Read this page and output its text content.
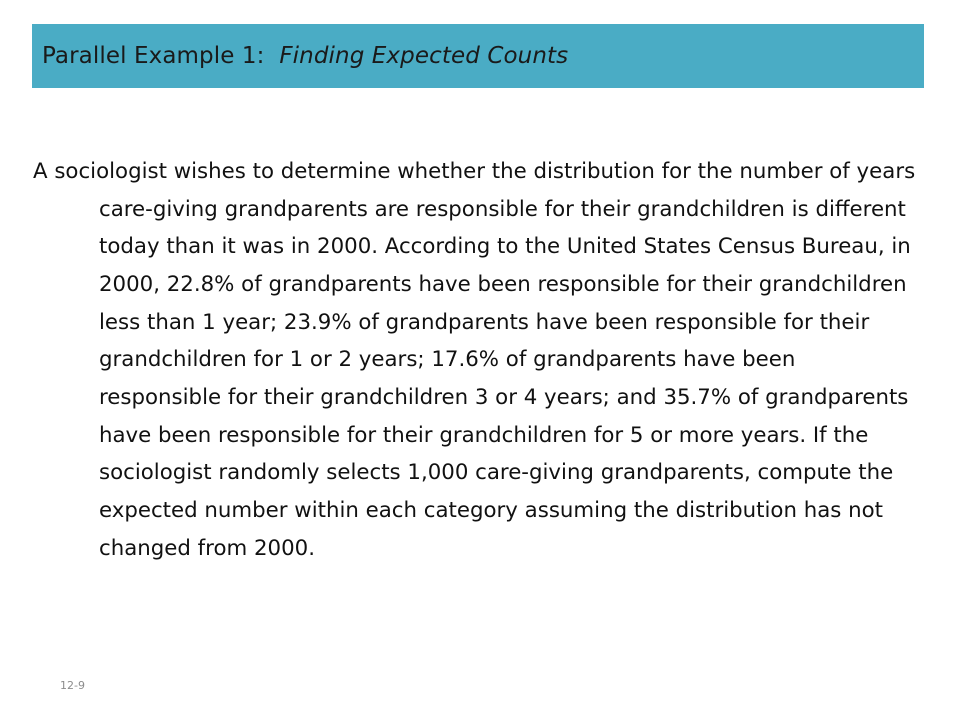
Parallel Example 1: Finding Expected Counts

A sociologist wishes to determine whether the distribution for the number of years care-giving grandparents are responsible for their grandchildren is different today than it was in 2000. According to the United States Census Bureau, in 2000, 22.8% of grandparents have been responsible for their grandchildren less than 1 year; 23.9% of grandparents have been responsible for their grandchildren for 1 or 2 years; 17.6% of grandparents have been responsible for their grandchildren 3 or 4 years; and 35.7% of grandparents have been responsible for their grandchildren for 5 or more years. If the sociologist randomly selects 1,000 care-giving grandparents, compute the expected number within each category assuming the distribution has not changed from 2000.

12-9
